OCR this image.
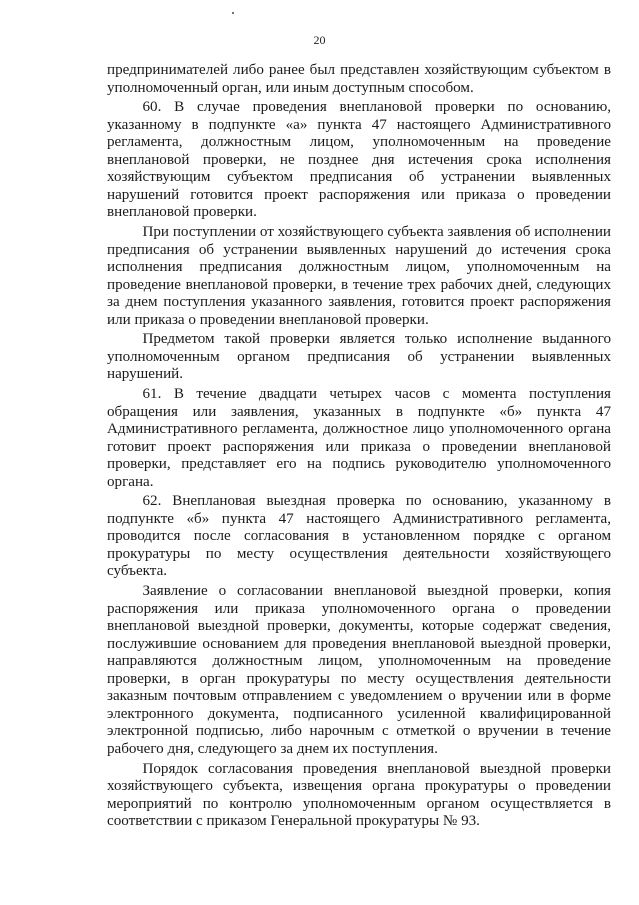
20

предпринимателей либо ранее был представлен хозяйствующим субъектом в уполномоченный орган, или иным доступным способом.

60. В случае проведения внеплановой проверки по основанию, указанному в подпункте «а» пункта 47 настоящего Административного регламента, должностным лицом, уполномоченным на проведение внеплановой проверки, не позднее дня истечения срока исполнения хозяйствующим субъектом предписания об устранении выявленных нарушений готовится проект распоряжения или приказа о проведении внеплановой проверки.

При поступлении от хозяйствующего субъекта заявления об исполнении предписания об устранении выявленных нарушений до истечения срока исполнения предписания должностным лицом, уполномоченным на проведение внеплановой проверки, в течение трех рабочих дней, следующих за днем поступления указанного заявления, готовится проект распоряжения или приказа о проведении внеплановой проверки.

Предметом такой проверки является только исполнение выданного уполномоченным органом предписания об устранении выявленных нарушений.

61. В течение двадцати четырех часов с момента поступления обращения или заявления, указанных в подпункте «б» пункта 47 Административного регламента, должностное лицо уполномоченного органа готовит проект распоряжения или приказа о проведении внеплановой проверки, представляет его на подпись руководителю уполномоченного органа.

62. Внеплановая выездная проверка по основанию, указанному в подпункте «б» пункта 47 настоящего Административного регламента, проводится после согласования в установленном порядке с органом прокуратуры по месту осуществления деятельности хозяйствующего субъекта.

Заявление о согласовании внеплановой выездной проверки, копия распоряжения или приказа уполномоченного органа о проведении внеплановой выездной проверки, документы, которые содержат сведения, послужившие основанием для проведения внеплановой выездной проверки, направляются должностным лицом, уполномоченным на проведение проверки, в орган прокуратуры по месту осуществления деятельности заказным почтовым отправлением с уведомлением о вручении или в форме электронного документа, подписанного усиленной квалифицированной электронной подписью, либо нарочным с отметкой о вручении в течение рабочего дня, следующего за днем их поступления.

Порядок согласования проведения внеплановой выездной проверки хозяйствующего субъекта, извещения органа прокуратуры о проведении мероприятий по контролю уполномоченным органом осуществляется в соответствии с приказом Генеральной прокуратуры № 93.
